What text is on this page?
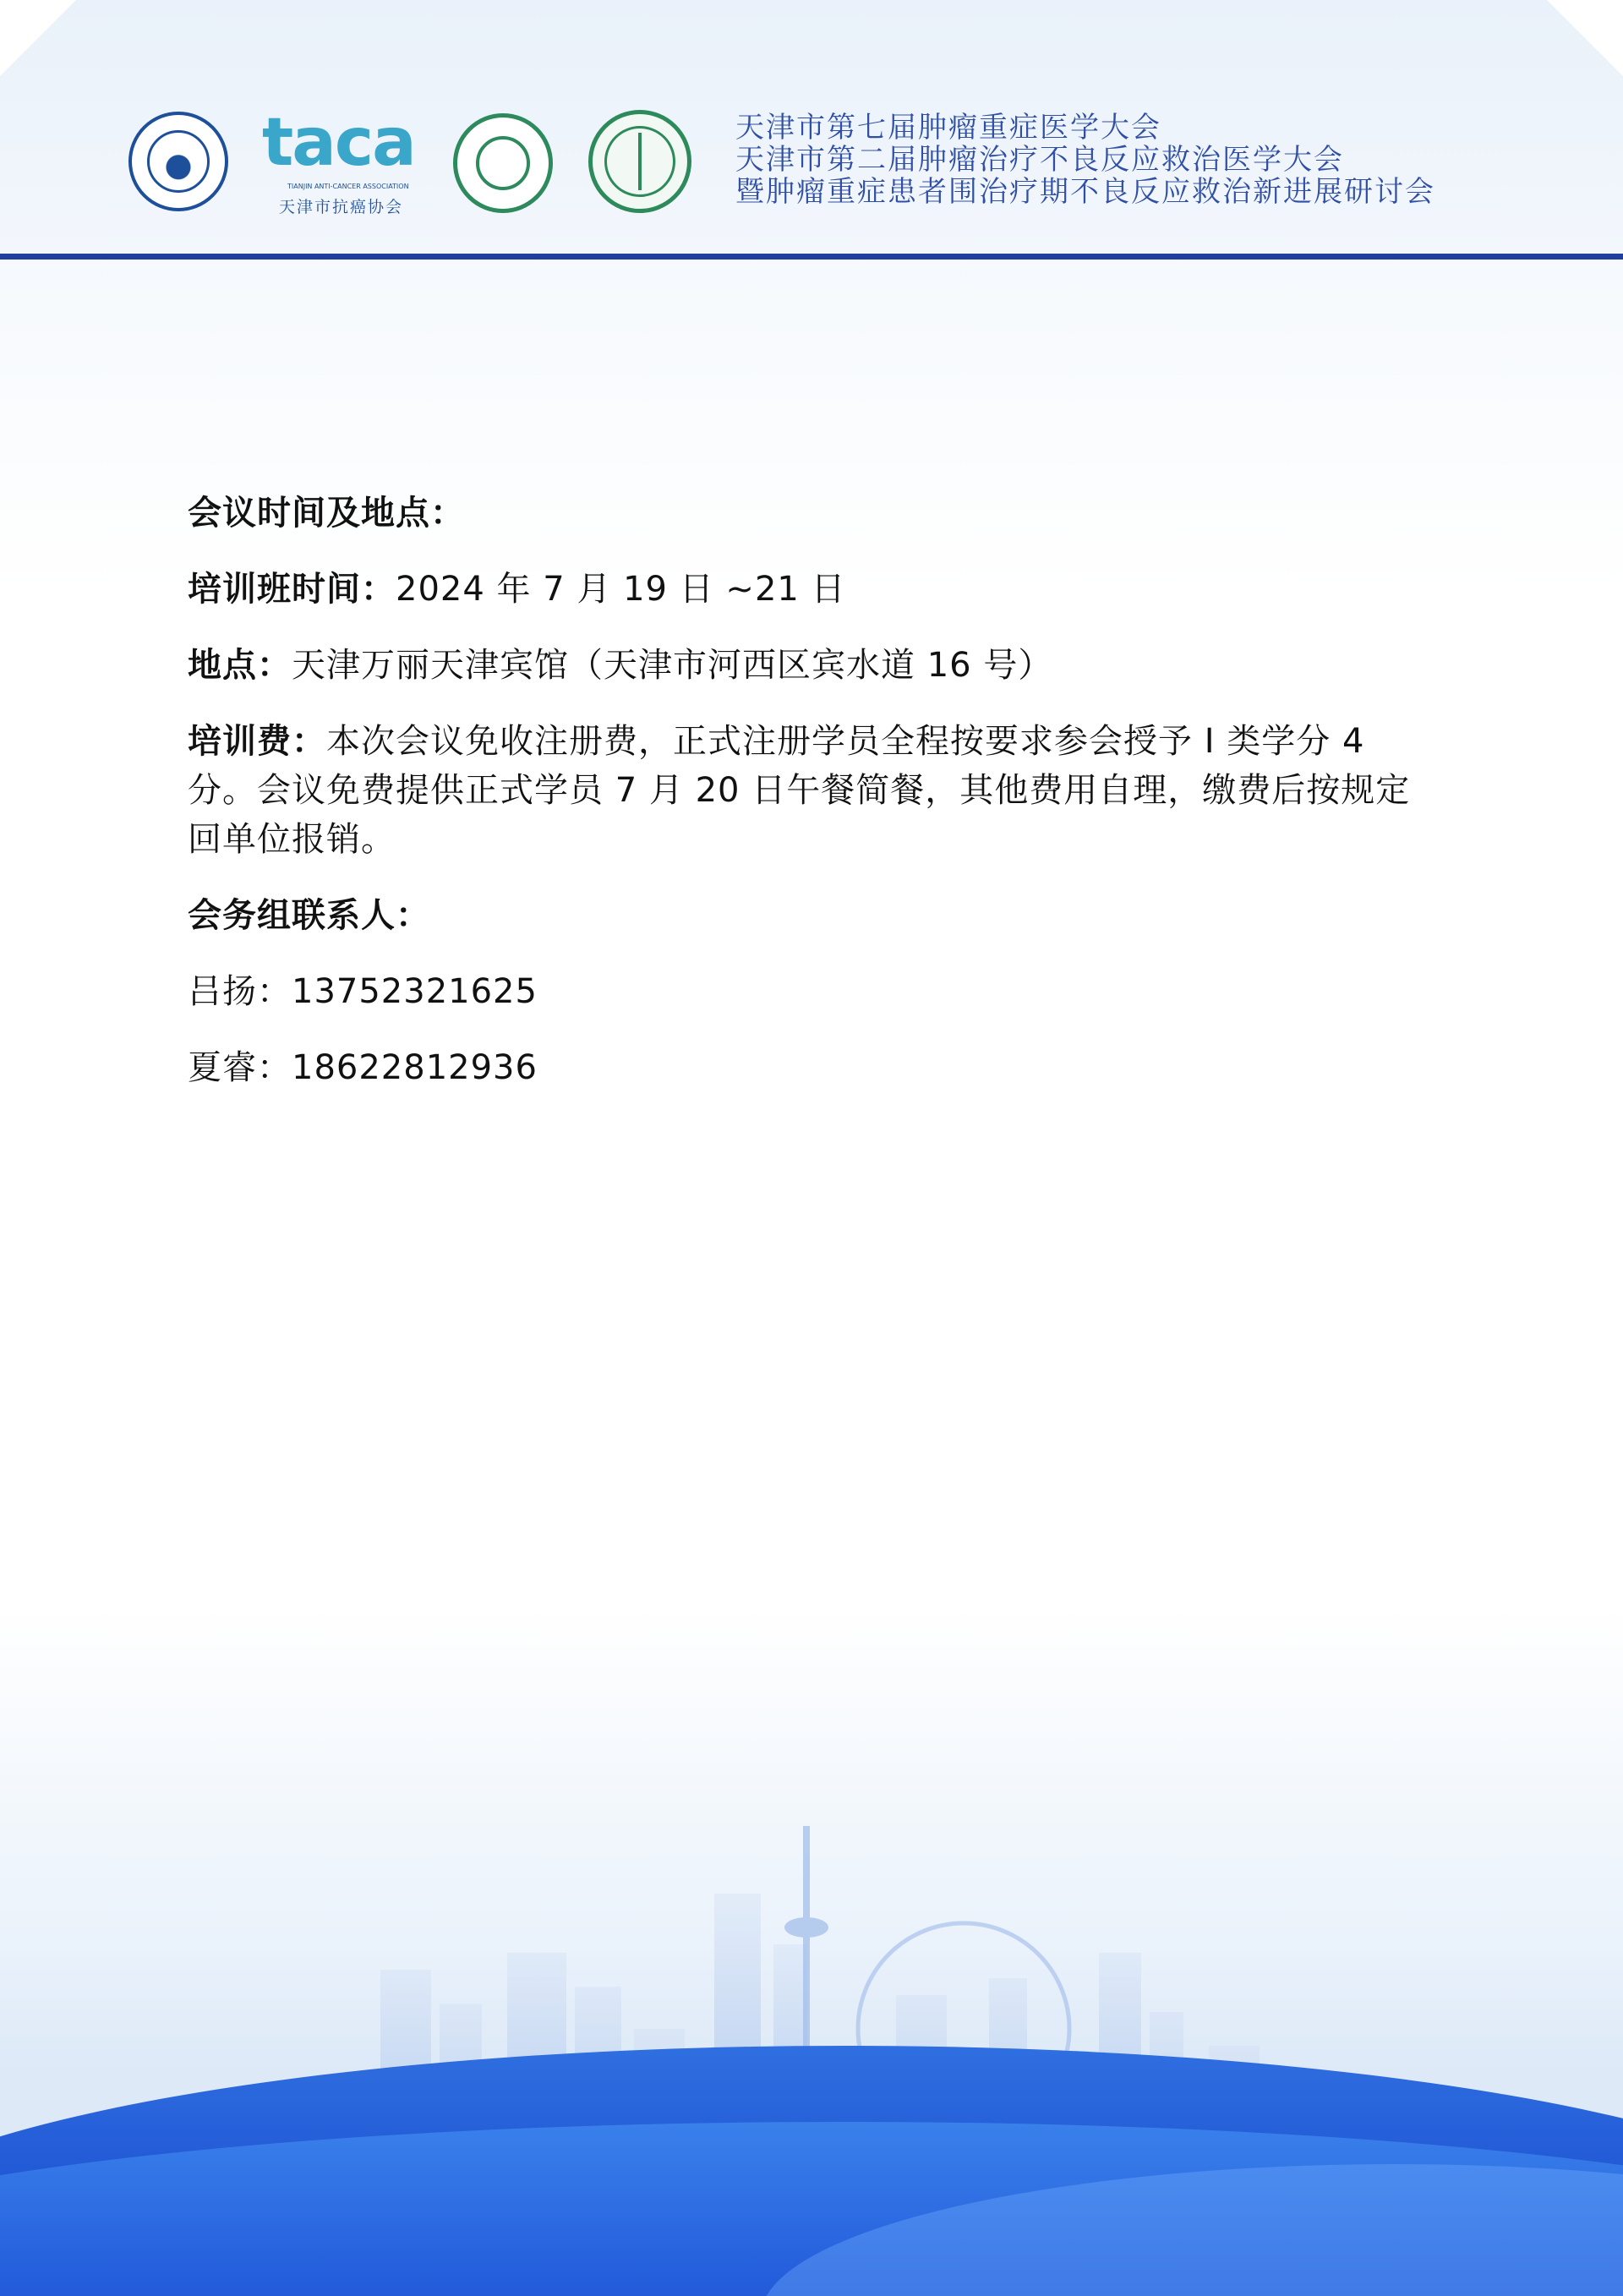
taca
TIANJIN ANTI-CANCER ASSOCIATION
天津市抗癌协会
天津市第七届肿瘤重症医学大会
天津市第二届肿瘤治疗不良反应救治医学大会
暨肿瘤重症患者围治疗期不良反应救治新进展研讨会

会议时间及地点：

培训班时间：2024 年 7 月 19 日 ~21 日

地点：天津万丽天津宾馆（天津市河西区宾水道 16 号）

培训费：本次会议免收注册费，正式注册学员全程按要求参会授予 I 类学分 4 分。会议免费提供正式学员 7 月 20 日午餐简餐，其他费用自理，缴费后按规定回单位报销。

会务组联系人：

吕扬：13752321625

夏睿：18622812936
